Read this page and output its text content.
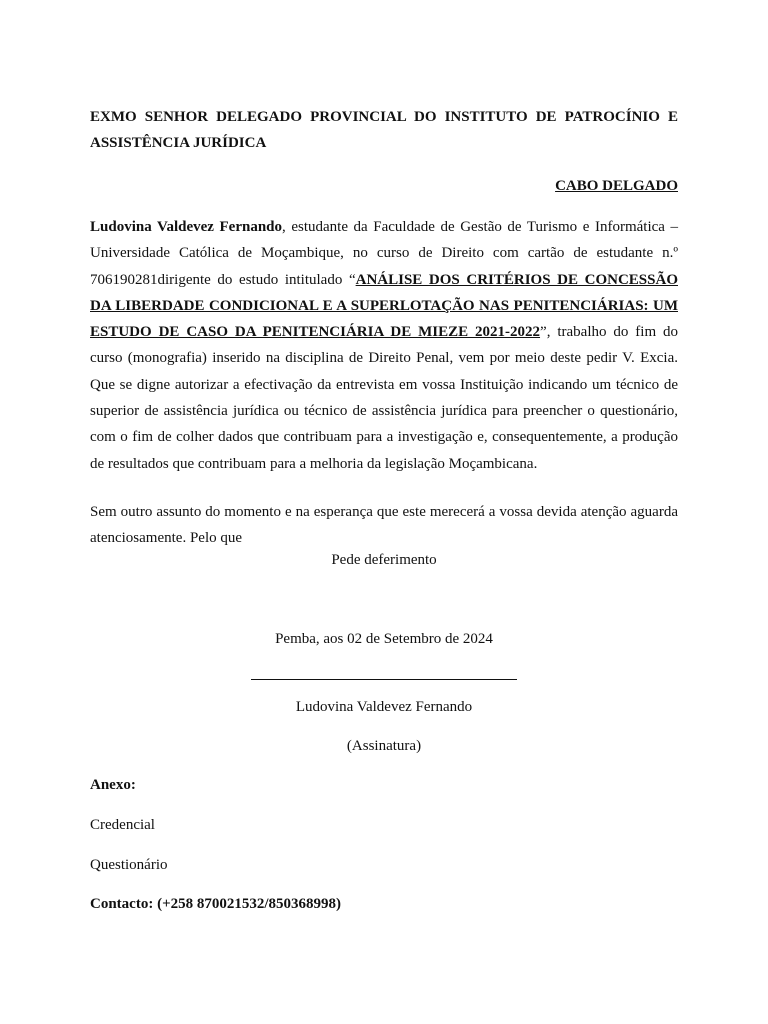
EXMO SENHOR DELEGADO PROVINCIAL DO INSTITUTO DE PATROCÍNIO E ASSISTÊNCIA JURÍDICA
CABO DELGADO
Ludovina Valdevez Fernando, estudante da Faculdade de Gestão de Turismo e Informática – Universidade Católica de Moçambique, no curso de Direito com cartão de estudante n.º 706190281dirigente do estudo intitulado “ANÁLISE DOS CRITÉRIOS DE CONCESSÃO DA LIBERDADE CONDICIONAL E A SUPERLOTAÇÃO NAS PENITENCIÁRIAS: UM ESTUDO DE CASO DA PENITENCIÁRIA DE MIEZE 2021-2022”, trabalho do fim do curso (monografia) inserido na disciplina de Direito Penal, vem por meio deste pedir V. Excia. Que se digne autorizar a efectivação da entrevista em vossa Instituição indicando um técnico de superior de assistência jurídica ou técnico de assistência jurídica para preencher o questionário, com o fim de colher dados que contribuam para a investigação e, consequentemente, a produção de resultados que contribuam para a melhoria da legislação Moçambicana.
Sem outro assunto do momento e na esperança que este merecerá a vossa devida atenção aguarda atenciosamente. Pelo que
Pede deferimento
Pemba, aos 02 de Setembro de 2024
Ludovina Valdevez Fernando
(Assinatura)
Anexo:
Credencial
Questionário
Contacto: (+258 870021532/850368998)
